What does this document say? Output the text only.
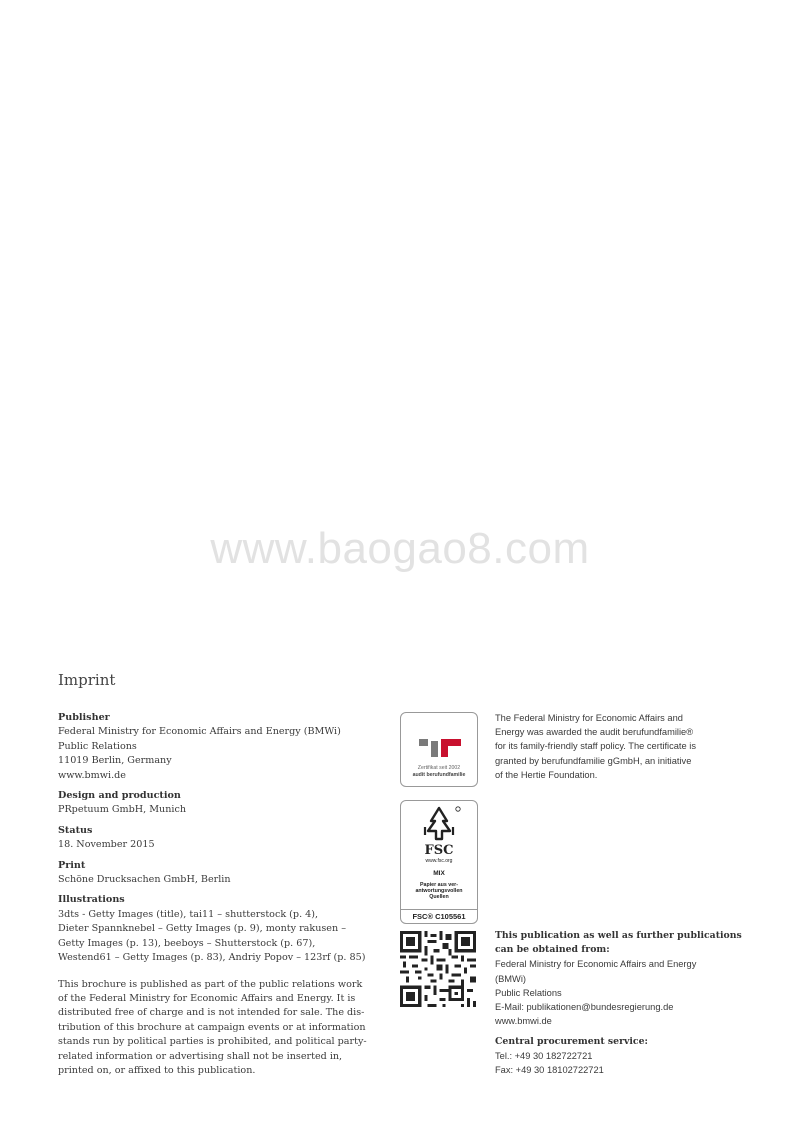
www.baogao8.com
Imprint
Publisher
Federal Ministry for Economic Affairs and Energy (BMWi)
Public Relations
11019 Berlin, Germany
www.bmwi.de
Design and production
PRpetuum GmbH, Munich
Status
18. November 2015
Print
Schöne Drucksachen GmbH, Berlin
Illustrations
3dts - Getty Images (title), tai11 – shutterstock (p. 4),
Dieter Spannknebel – Getty Images (p. 9), monty rakusen –
Getty Images (p. 13), beeboys – Shutterstock (p. 67),
Westend61 – Getty Images (p. 83), Andriy Popov – 123rf (p. 85)
This brochure is published as part of the public relations work
of the Federal Ministry for Economic Affairs and Energy. It is
distributed free of charge and is not intended for sale. The dis-
tribution of this brochure at campaign events or at information
stands run by political parties is prohibited, and political party-
related information or advertising shall not be inserted in,
printed on, or affixed to this publication.
Zertifikat seit 2002
audit berufundfamilie
The Federal Ministry for Economic Affairs and
Energy was awarded the audit berufundfamilie®
for its family-friendly staff policy. The certificate is
granted by berufundfamilie gGmbH, an initiative
of the Hertie Foundation.
FSC
www.fsc.org
MIX
Papier aus ver-
antwortungsvollen
Quellen
FSC® C105561
This publication as well as further publications
can be obtained from:
Federal Ministry for Economic Affairs and Energy
(BMWi)
Public Relations
E-Mail: publikationen@bundesregierung.de
www.bmwi.de
Central procurement service:
Tel.: +49 30 182722721
Fax: +49 30 18102722721
